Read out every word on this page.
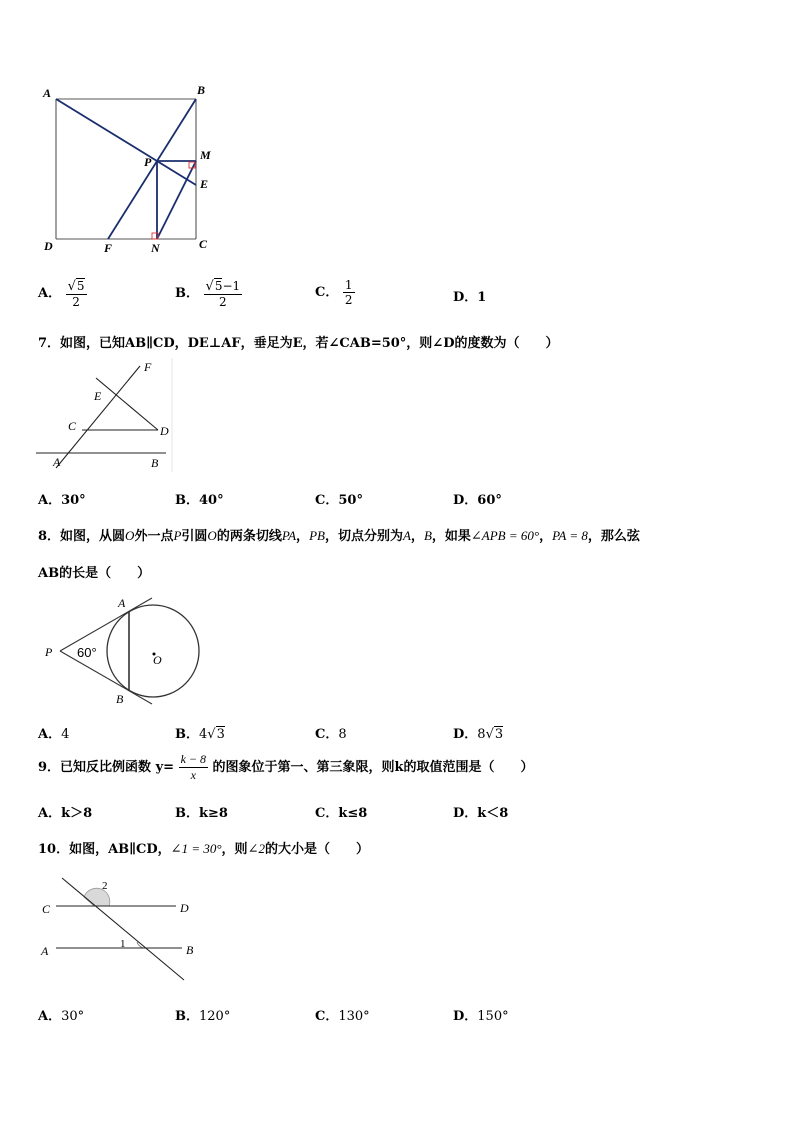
A	B
P	M
E
D	F	N	C
A． $\frac{√5}{2}$	B． $\frac{√5-1}{2}$	C． $\frac{1}{2}$	D．1
7．如图，已知AB∥CD，DE⊥AF，垂足为E，若∠CAB=50°，则∠D的度数为（　　）
F
E
C	D
A	B
A．30°	B．40°	C．50°	D．60°
8．如图，从圆O外一点P引圆O的两条切线PA，PB，切点分别为A，B，如果∠APB = 60°，PA = 8，那么弦
AB的长是（　　）
A
B
P
O
60°
A．4	B．4√3	C．8	D．8√3
9．已知反比例函数 $y= \frac{k - 8}{x}$ 的图象位于第一、第三象限，则k的取值范围是（　　）
A．k＞8	B．k≥8	C．k≤8	D．k＜8
10．如图，AB∥CD，∠1 = 30°，则∠2的大小是（　　）
C	D
A	B
1
2
A．30°	B．120°	C．130°	D．150°
